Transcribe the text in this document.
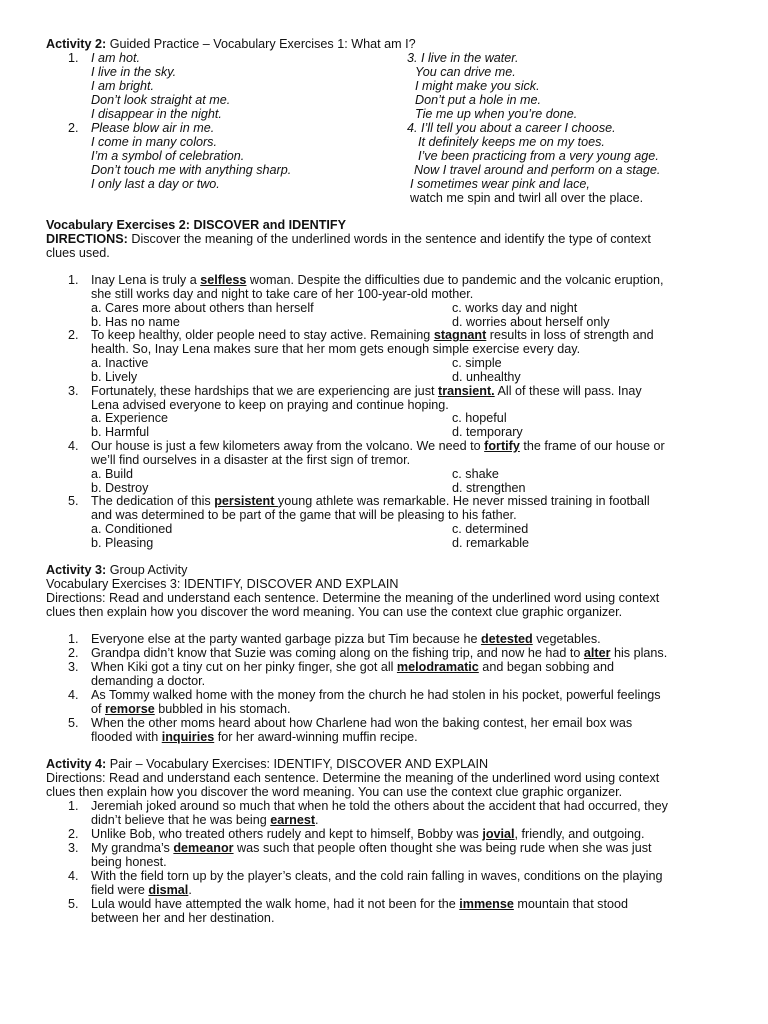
Activity 2: Guided Practice – Vocabulary Exercises 1: What am I?
1. I am hot.
I live in the sky.
I am bright.
Don’t look straight at me.
I disappear in the night.
2. Please blow air in me.
I come in many colors.
I’m a symbol of celebration.
Don’t touch me with anything sharp.
I only last a day or two.
3. I live in the water.
You can drive me.
I might make you sick.
Don’t put a hole in me.
Tie me up when you’re done.
4. I’ll tell you about a career I choose.
It definitely keeps me on my toes.
I’ve been practicing from a very young age.
Now I travel around and perform on a stage.
I sometimes wear pink and lace,
watch me spin and twirl all over the place.
Vocabulary Exercises 2: DISCOVER and IDENTIFY
DIRECTIONS: Discover the meaning of the underlined words in the sentence and identify the type of context
clues used.
1. Inay Lena is truly a selfless woman. Despite the difficulties due to pandemic and the volcanic eruption,
she still works day and night to take care of her 100-year-old mother.
a. Cares more about others than herself	c. works day and night
b. Has no name	d. worries about herself only
2. To keep healthy, older people need to stay active. Remaining stagnant results in loss of strength and
health. So, Inay Lena makes sure that her mom gets enough simple exercise every day.
a. Inactive	c. simple
b. Lively	d. unhealthy
3. Fortunately, these hardships that we are experiencing are just transient. All of these will pass. Inay
Lena advised everyone to keep on praying and continue hoping.
a. Experience	c. hopeful
b. Harmful	d. temporary
4. Our house is just a few kilometers away from the volcano. We need to fortify the frame of our house or
we’ll find ourselves in a disaster at the first sign of tremor.
a. Build	c. shake
b. Destroy	d. strengthen
5. The dedication of this persistent young athlete was remarkable. He never missed training in football
and was determined to be part of the game that will be pleasing to his father.
a. Conditioned	c. determined
b. Pleasing	d. remarkable
Activity 3: Group Activity
Vocabulary Exercises 3: IDENTIFY, DISCOVER AND EXPLAIN
Directions: Read and understand each sentence. Determine the meaning of the underlined word using context
clues then explain how you discover the word meaning. You can use the context clue graphic organizer.
1. Everyone else at the party wanted garbage pizza but Tim because he detested vegetables.
2. Grandpa didn’t know that Suzie was coming along on the fishing trip, and now he had to alter his plans.
3. When Kiki got a tiny cut on her pinky finger, she got all melodramatic and began sobbing and
demanding a doctor.
4. As Tommy walked home with the money from the church he had stolen in his pocket, powerful feelings
of remorse bubbled in his stomach.
5. When the other moms heard about how Charlene had won the baking contest, her email box was
flooded with inquiries for her award-winning muffin recipe.
Activity 4: Pair – Vocabulary Exercises: IDENTIFY, DISCOVER AND EXPLAIN
Directions: Read and understand each sentence. Determine the meaning of the underlined word using context
clues then explain how you discover the word meaning. You can use the context clue graphic organizer.
1. Jeremiah joked around so much that when he told the others about the accident that had occurred, they
didn’t believe that he was being earnest.
2. Unlike Bob, who treated others rudely and kept to himself, Bobby was jovial, friendly, and outgoing.
3. My grandma’s demeanor was such that people often thought she was being rude when she was just
being honest.
4. With the field torn up by the player’s cleats, and the cold rain falling in waves, conditions on the playing
field were dismal.
5. Lula would have attempted the walk home, had it not been for the immense mountain that stood
between her and her destination.
